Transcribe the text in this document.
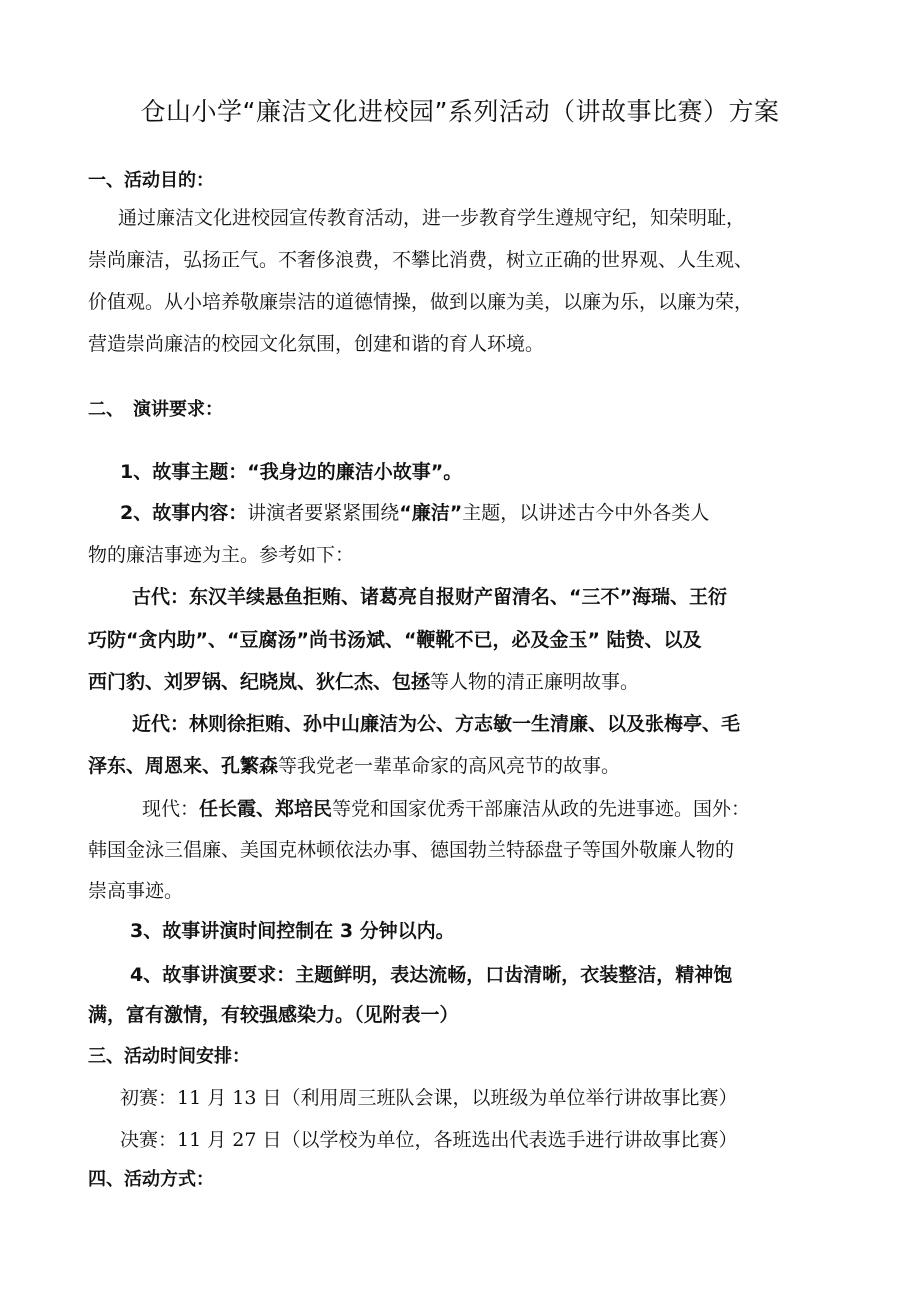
仓山小学“廉洁文化进校园”系列活动（讲故事比赛）方案
一、活动目的：
通过廉洁文化进校园宣传教育活动，进一步教育学生遵规守纪，知荣明耻，
崇尚廉洁，弘扬正气。不奢侈浪费，不攀比消费，树立正确的世界观、人生观、
价值观。从小培养敬廉崇洁的道德情操，做到以廉为美，以廉为乐，以廉为荣，
营造崇尚廉洁的校园文化氛围，创建和谐的育人环境。
二、　演讲要求：
1、故事主题：“我身边的廉洁小故事”。
2、故事内容：讲演者要紧紧围绕“廉洁”主题，以讲述古今中外各类人
物的廉洁事迹为主。参考如下：
古代：东汉羊续悬鱼拒贿、诸葛亮自报财产留清名、“三不”海瑞、王衍
巧防“贪内助”、“豆腐汤”尚书汤斌、“鞭靴不已，必及金玉” 陆贽、以及
西门豹、刘罗锅、纪晓岚、狄仁杰、包拯等人物的清正廉明故事。
近代：林则徐拒贿、孙中山廉洁为公、方志敏一生清廉、以及张梅亭、毛
泽东、周恩来、孔繁森等我党老一辈革命家的高风亮节的故事。
现代：任长霞、郑培民等党和国家优秀干部廉洁从政的先进事迹。国外：
韩国金泳三倡廉、美国克林顿依法办事、德国勃兰特舔盘子等国外敬廉人物的
崇高事迹。
3、故事讲演时间控制在 3 分钟以内。
4、故事讲演要求：主题鲜明，表达流畅，口齿清晰，衣装整洁，精神饱
满，富有激情，有较强感染力。（见附表一）
三、活动时间安排：
初赛：11 月 13 日（利用周三班队会课，以班级为单位举行讲故事比赛）
决赛：11 月 27 日（以学校为单位，各班选出代表选手进行讲故事比赛）
四、活动方式：
